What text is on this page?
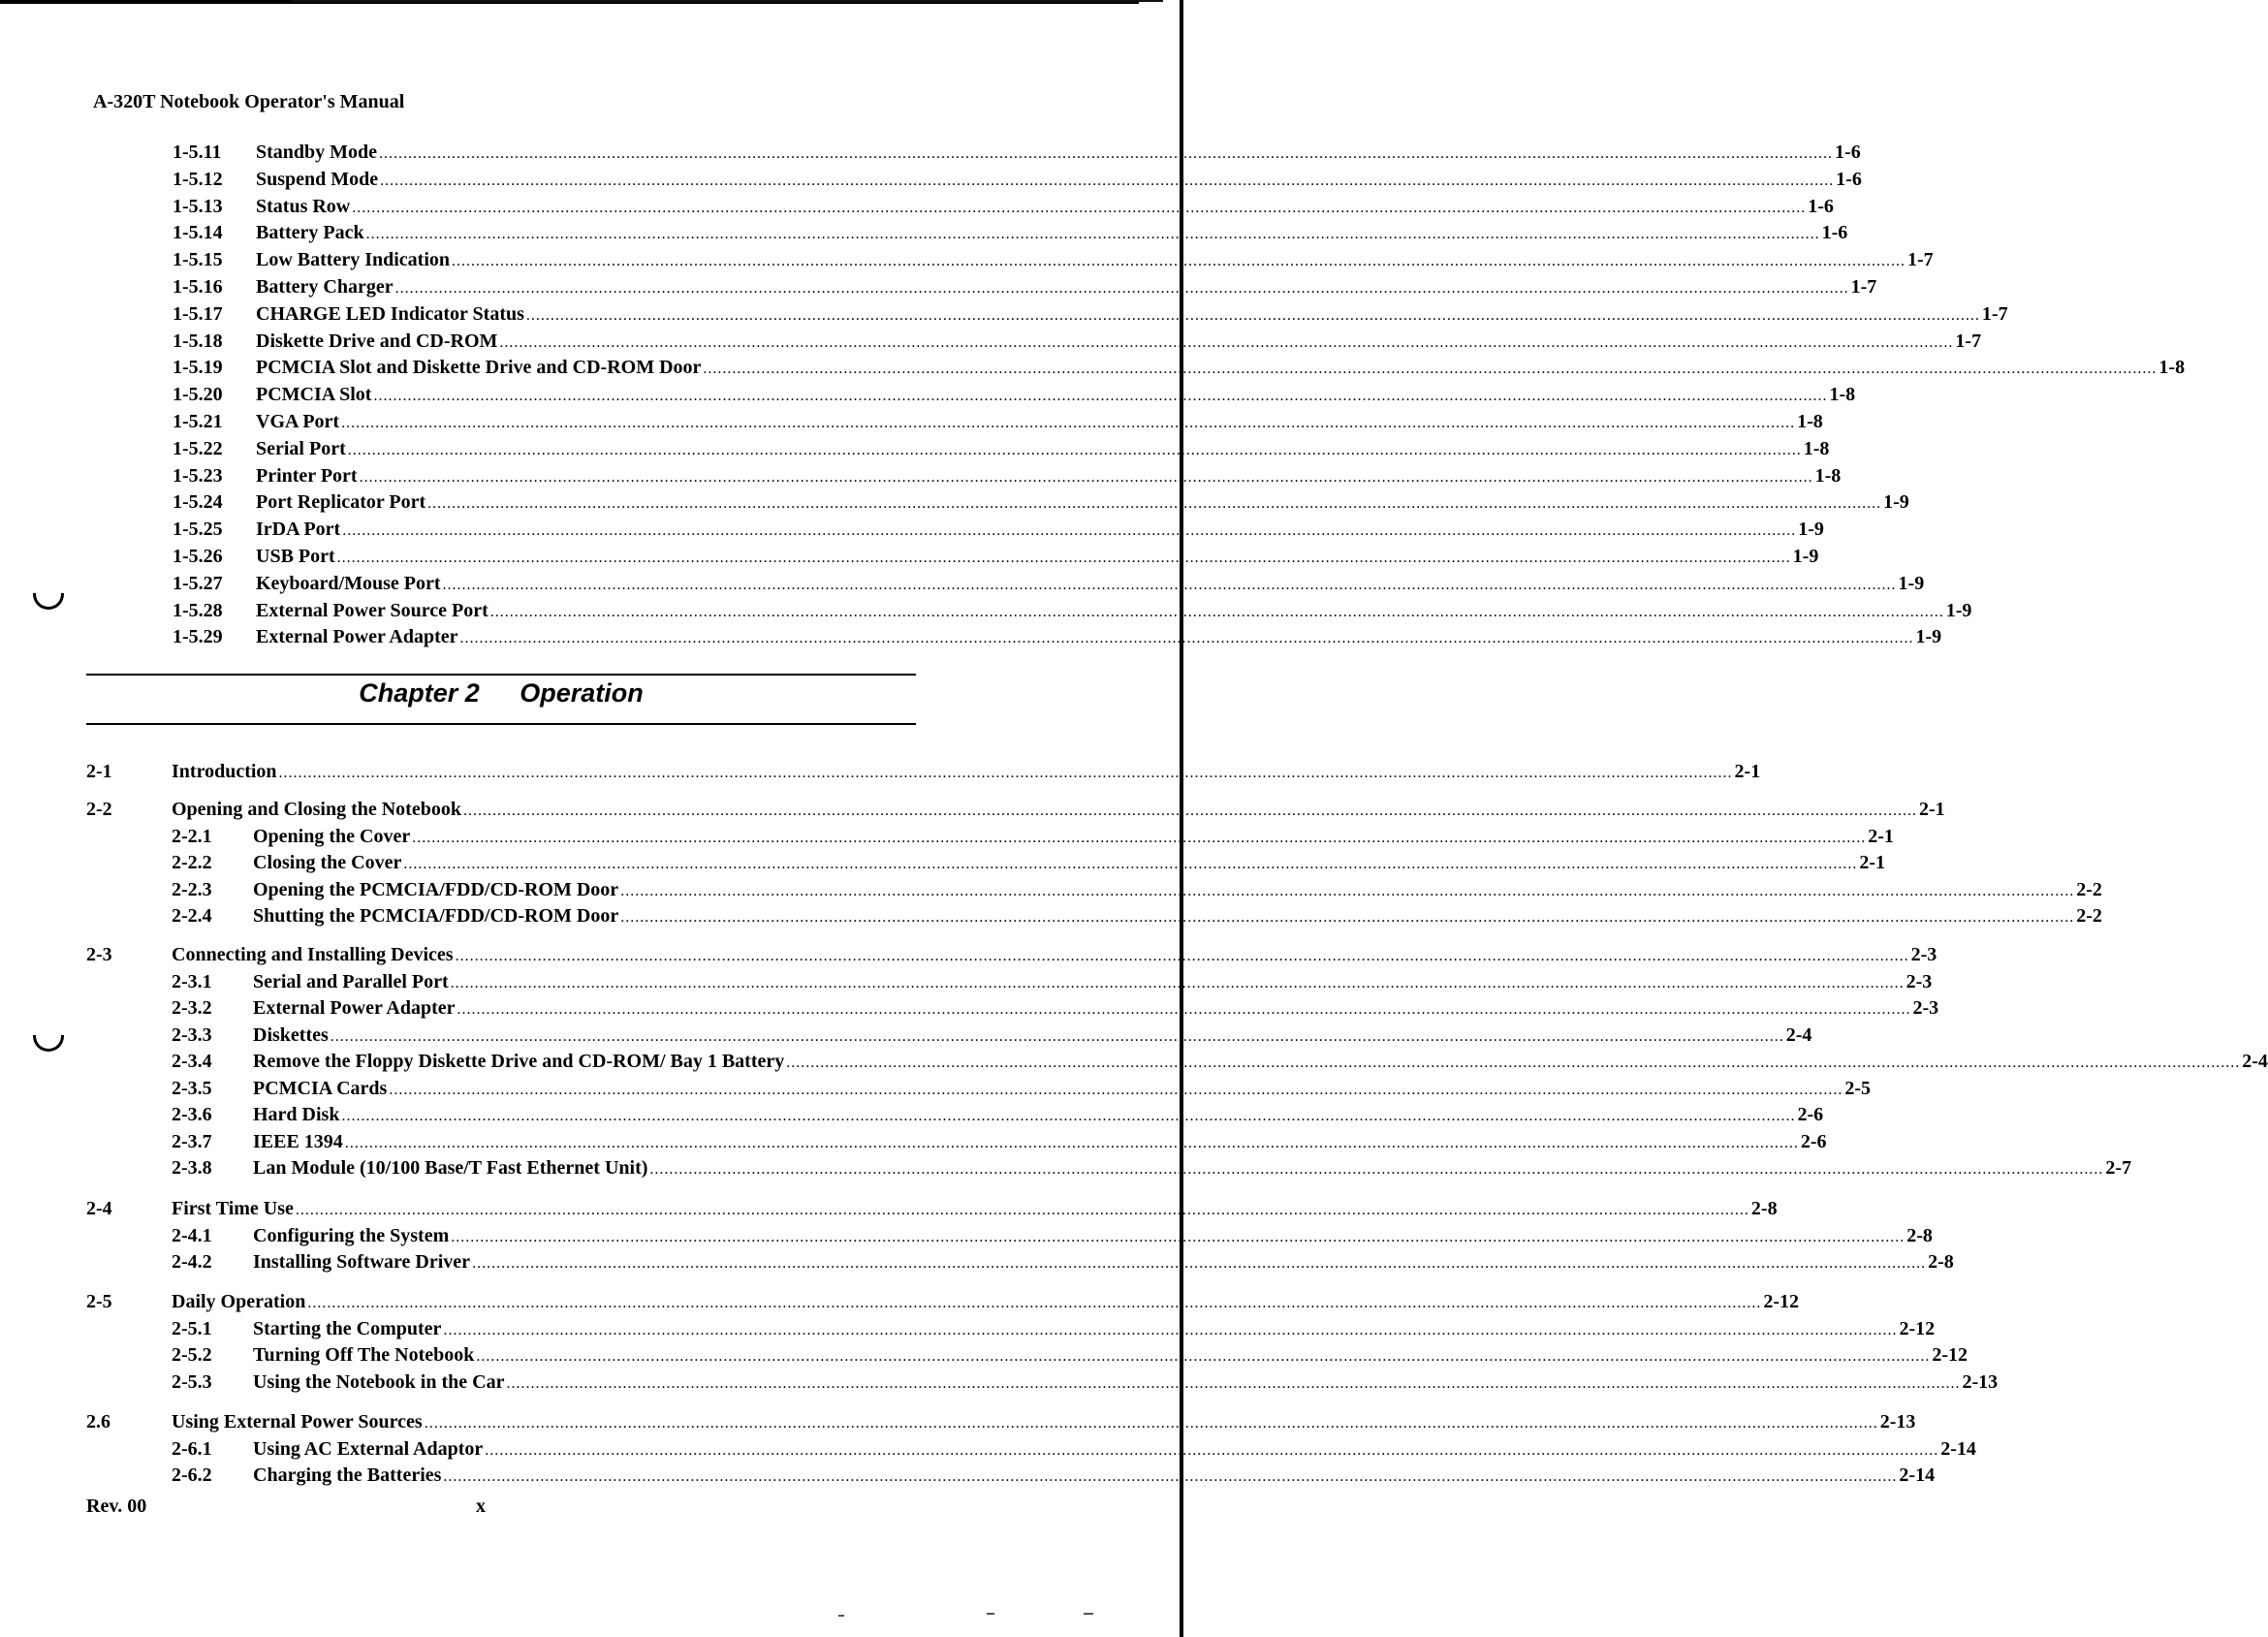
A-320T Notebook Operator's Manual
1-5.11	Standby Mode ............................................................................................................................................................................................................................................................................................................ 1-6
1-5.12	Suspend Mode ............................................................................................................................................................................................................................................................................................................ 1-6
1-5.13	Status Row ............................................................................................................................................................................................................................................................................................................ 1-6
1-5.14	Battery Pack ............................................................................................................................................................................................................................................................................................................ 1-6
1-5.15	Low Battery Indication ............................................................................................................................................................................................................................................................................................................ 1-7
1-5.16	Battery Charger ............................................................................................................................................................................................................................................................................................................ 1-7
1-5.17	CHARGE LED Indicator Status ............................................................................................................................................................................................................................................................................................................ 1-7
1-5.18	Diskette Drive and CD-ROM ............................................................................................................................................................................................................................................................................................................ 1-7
1-5.19	PCMCIA Slot and Diskette Drive and CD-ROM Door ............................................................................................................................................................................................................................................................................................................ 1-8
1-5.20	PCMCIA Slot ............................................................................................................................................................................................................................................................................................................ 1-8
1-5.21	VGA Port ............................................................................................................................................................................................................................................................................................................ 1-8
1-5.22	Serial Port ............................................................................................................................................................................................................................................................................................................ 1-8
1-5.23	Printer Port ............................................................................................................................................................................................................................................................................................................ 1-8
1-5.24	Port Replicator Port ............................................................................................................................................................................................................................................................................................................ 1-9
1-5.25	IrDA Port ............................................................................................................................................................................................................................................................................................................ 1-9
1-5.26	USB Port ............................................................................................................................................................................................................................................................................................................ 1-9
1-5.27	Keyboard/Mouse Port ............................................................................................................................................................................................................................................................................................................ 1-9
1-5.28	External Power Source Port ............................................................................................................................................................................................................................................................................................................ 1-9
1-5.29	External Power Adapter ............................................................................................................................................................................................................................................................................................................ 1-9
Chapter 2 Operation
2-1	Introduction ............................................................................................................................................................................................................................................................................................................ 2-1
2-2	Opening and Closing the Notebook ............................................................................................................................................................................................................................................................................................................ 2-1
2-2.1	Opening the Cover ............................................................................................................................................................................................................................................................................................................ 2-1
2-2.2	Closing the Cover ............................................................................................................................................................................................................................................................................................................ 2-1
2-2.3	Opening the PCMCIA/FDD/CD-ROM Door ............................................................................................................................................................................................................................................................................................................ 2-2
2-2.4	Shutting the PCMCIA/FDD/CD-ROM Door ............................................................................................................................................................................................................................................................................................................ 2-2
2-3	Connecting and Installing Devices ............................................................................................................................................................................................................................................................................................................ 2-3
2-3.1	Serial and Parallel Port ............................................................................................................................................................................................................................................................................................................ 2-3
2-3.2	External Power Adapter ............................................................................................................................................................................................................................................................................................................ 2-3
2-3.3	Diskettes ............................................................................................................................................................................................................................................................................................................ 2-4
2-3.4	Remove the Floppy Diskette Drive and CD-ROM/ Bay 1 Battery ............................................................................................................................................................................................................................................................................................................ 2-4
2-3.5	PCMCIA Cards ............................................................................................................................................................................................................................................................................................................ 2-5
2-3.6	Hard Disk ............................................................................................................................................................................................................................................................................................................ 2-6
2-3.7	IEEE 1394 ............................................................................................................................................................................................................................................................................................................ 2-6
2-3.8	Lan Module (10/100 Base/T Fast Ethernet Unit) ............................................................................................................................................................................................................................................................................................................ 2-7
2-4	First Time Use ............................................................................................................................................................................................................................................................................................................ 2-8
2-4.1	Configuring the System ............................................................................................................................................................................................................................................................................................................ 2-8
2-4.2	Installing Software Driver ............................................................................................................................................................................................................................................................................................................ 2-8
2-5	Daily Operation ............................................................................................................................................................................................................................................................................................................ 2-12
2-5.1	Starting the Computer ............................................................................................................................................................................................................................................................................................................ 2-12
2-5.2	Turning Off The Notebook ............................................................................................................................................................................................................................................................................................................ 2-12
2-5.3	Using the Notebook in the Car ............................................................................................................................................................................................................................................................................................................ 2-13
2.6	Using External Power Sources ............................................................................................................................................................................................................................................................................................................ 2-13
2-6.1	Using AC External Adaptor ............................................................................................................................................................................................................................................................................................................ 2-14
2-6.2	Charging the Batteries ............................................................................................................................................................................................................................................................................................................ 2-14
Rev. 00	x
